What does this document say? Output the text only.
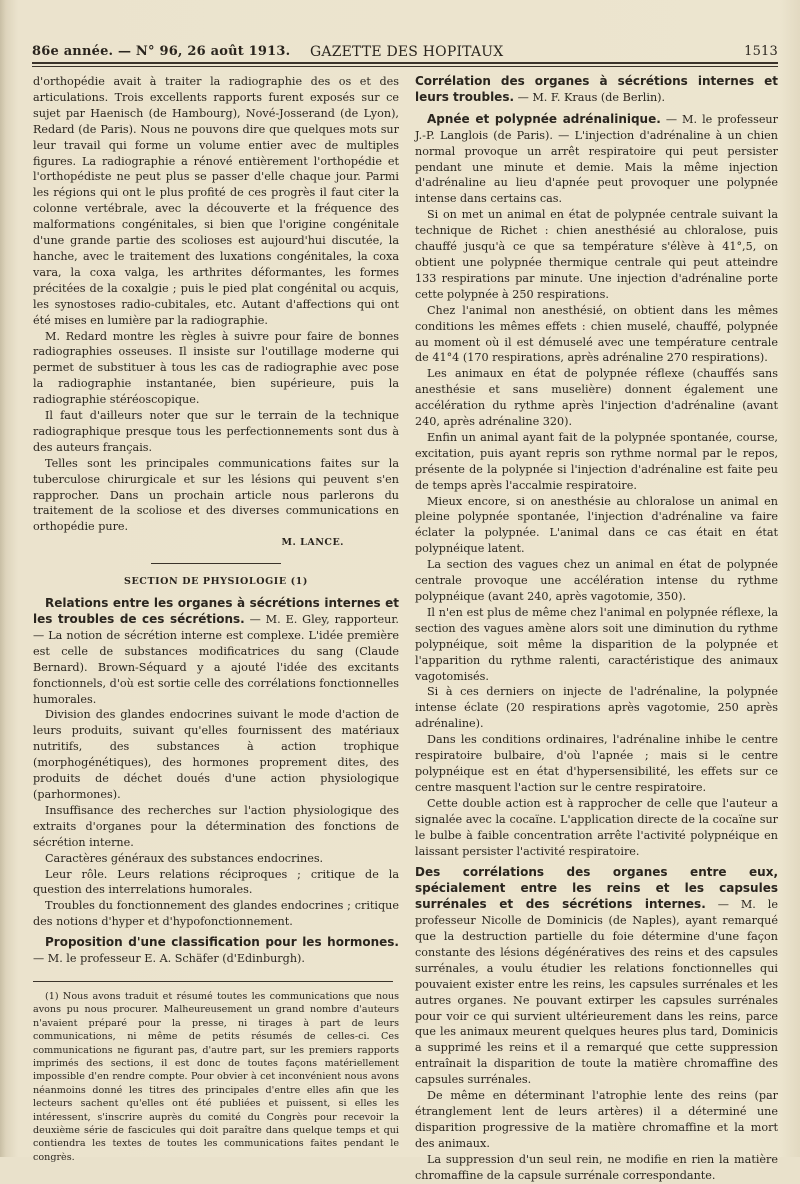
86e année. — N° 96, 26 août 1913. GAZETTE DES HOPITAUX	1513

d'orthopédie avait à traiter la radiographie des os et des articulations. Trois excellents rapports furent exposés sur ce sujet par Haenisch (de Hambourg), Nové-Josserand (de Lyon), Redard (de Paris). Nous ne pouvons dire que quelques mots sur leur travail qui forme un volume entier avec de multiples figures. La radiographie a rénové entièrement l'orthopédie et l'orthopédiste ne peut plus se passer d'elle chaque jour. Parmi les régions qui ont le plus profité de ces progrès il faut citer la colonne vertébrale, avec la découverte et la fréquence des malformations congénitales, si bien que l'origine congénitale d'une grande partie des scolioses est aujourd'hui discutée, la hanche, avec le traitement des luxations congénitales, la coxa vara, la coxa valga, les arthrites déformantes, les formes précitées de la coxalgie ; puis le pied plat congénital ou acquis, les synostoses radio-cubitales, etc. Autant d'affections qui ont été mises en lumière par la radiographie.

M. Redard montre les règles à suivre pour faire de bonnes radiographies osseuses. Il insiste sur l'outillage moderne qui permet de substituer à tous les cas de radiographie avec pose la radiographie instantanée, bien supérieure, puis la radiographie stéréoscopique.

Il faut d'ailleurs noter que sur le terrain de la technique radiographique presque tous les perfectionnements sont dus à des auteurs français.

Telles sont les principales communications faites sur la tuberculose chirurgicale et sur les lésions qui peuvent s'en rapprocher. Dans un prochain article nous parlerons du traitement de la scoliose et des diverses communications en orthopédie pure.

M. LANCE.

SECTION DE PHYSIOLOGIE (1)

Relations entre les organes à sécrétions internes et les troubles de ces sécrétions. — M. E. Gley, rapporteur. — La notion de sécrétion interne est complexe. L'idée première est celle de substances modificatrices du sang (Claude Bernard). Brown-Séquard y a ajouté l'idée des excitants fonctionnels, d'où est sortie celle des corrélations fonctionnelles humorales.

Division des glandes endocrines suivant le mode d'action de leurs produits, suivant qu'elles fournissent des matériaux nutritifs, des substances à action trophique (morphogénétiques), des hormones proprement dites, des produits de déchet doués d'une action physiologique (parhormones).

Insuffisance des recherches sur l'action physiologique des extraits d'organes pour la détermination des fonctions de sécrétion interne.

Caractères généraux des substances endocrines.

Leur rôle. Leurs relations réciproques ; critique de la question des interrelations humorales.

Troubles du fonctionnement des glandes endocrines ; critique des notions d'hyper et d'hypofonctionnement.

Proposition d'une classification pour les hormones. — M. le professeur E. A. Schäfer (d'Edinburgh).

(1) Nous avons traduit et résumé toutes les communications que nous avons pu nous procurer. Malheureusement un grand nombre d'auteurs n'avaient préparé pour la presse, ni tirages à part de leurs communications, ni même de petits résumés de celles-ci. Ces communications ne figurant pas, d'autre part, sur les premiers rapports imprimés des sections, il est donc de toutes façons matériellement impossible d'en rendre compte. Pour obvier à cet inconvénient nous avons néanmoins donné les titres des principales d'entre elles afin que les lecteurs sachent qu'elles ont été publiées et puissent, si elles les intéressent, s'inscrire auprès du comité du Congrès pour recevoir la deuxième série de fascicules qui doit paraître dans quelque temps et qui contiendra les textes de toutes les communications faites pendant le congrès.

Corrélation des organes à sécrétions internes et leurs troubles. — M. F. Kraus (de Berlin).

Apnée et polypnée adrénalinique. — M. le professeur J.-P. Langlois (de Paris). — L'injection d'adrénaline à un chien normal provoque un arrêt respiratoire qui peut persister pendant une minute et demie. Mais la même injection d'adrénaline au lieu d'apnée peut provoquer une polypnée intense dans certains cas.

Si on met un animal en état de polypnée centrale suivant la technique de Richet : chien anesthésié au chloralose, puis chauffé jusqu'à ce que sa température s'élève à 41°,5, on obtient une polypnée thermique centrale qui peut atteindre 133 respirations par minute. Une injection d'adrénaline porte cette polypnée à 250 respirations.

Chez l'animal non anesthésié, on obtient dans les mêmes conditions les mêmes effets : chien muselé, chauffé, polypnée au moment où il est démuselé avec une température centrale de 41°4 (170 respirations, après adrénaline 270 respirations).

Les animaux en état de polypnée réflexe (chauffés sans anesthésie et sans muselière) donnent également une accélération du rythme après l'injection d'adrénaline (avant 240, après adrénaline 320).

Enfin un animal ayant fait de la polypnée spontanée, course, excitation, puis ayant repris son rythme normal par le repos, présente de la polypnée si l'injection d'adrénaline est faite peu de temps après l'accalmie respiratoire.

Mieux encore, si on anesthésie au chloralose un animal en pleine polypnée spontanée, l'injection d'adrénaline va faire éclater la polypnée. L'animal dans ce cas était en état polypnéique latent.

La section des vagues chez un animal en état de polypnée centrale provoque une accélération intense du rythme polypnéique (avant 240, après vagotomie, 350).

Il n'en est plus de même chez l'animal en polypnée réflexe, la section des vagues amène alors soit une diminution du rythme polypnéique, soit même la disparition de la polypnée et l'apparition du rythme ralenti, caractéristique des animaux vagotomisés.

Si à ces derniers on injecte de l'adrénaline, la polypnée intense éclate (20 respirations après vagotomie, 250 après adrénaline).

Dans les conditions ordinaires, l'adrénaline inhibe le centre respiratoire bulbaire, d'où l'apnée ; mais si le centre polypnéique est en état d'hypersensibilité, les effets sur ce centre masquent l'action sur le centre respiratoire.

Cette double action est à rapprocher de celle que l'auteur a signalée avec la cocaïne. L'application directe de la cocaïne sur le bulbe à faible concentration arrête l'activité polypnéique en laissant persister l'activité respiratoire.

Des corrélations des organes entre eux, spécialement entre les reins et les capsules surrénales et des sécrétions internes. — M. le professeur Nicolle de Dominicis (de Naples), ayant remarqué que la destruction partielle du foie détermine d'une façon constante des lésions dégénératives des reins et des capsules surrénales, a voulu étudier les relations fonctionnelles qui pouvaient exister entre les reins, les capsules surrénales et les autres organes. Ne pouvant extirper les capsules surrénales pour voir ce qui survient ultérieurement dans les reins, parce que les animaux meurent quelques heures plus tard, Dominicis a supprimé les reins et il a remarqué que cette suppression entraînait la disparition de toute la matière chromaffine des capsules surrénales.

De même en déterminant l'atrophie lente des reins (par étranglement lent de leurs artères) il a déterminé une disparition progressive de la matière chromaffine et la mort des animaux.

La suppression d'un seul rein, ne modifie en rien la matière chromaffine de la capsule surrénale correspondante.
